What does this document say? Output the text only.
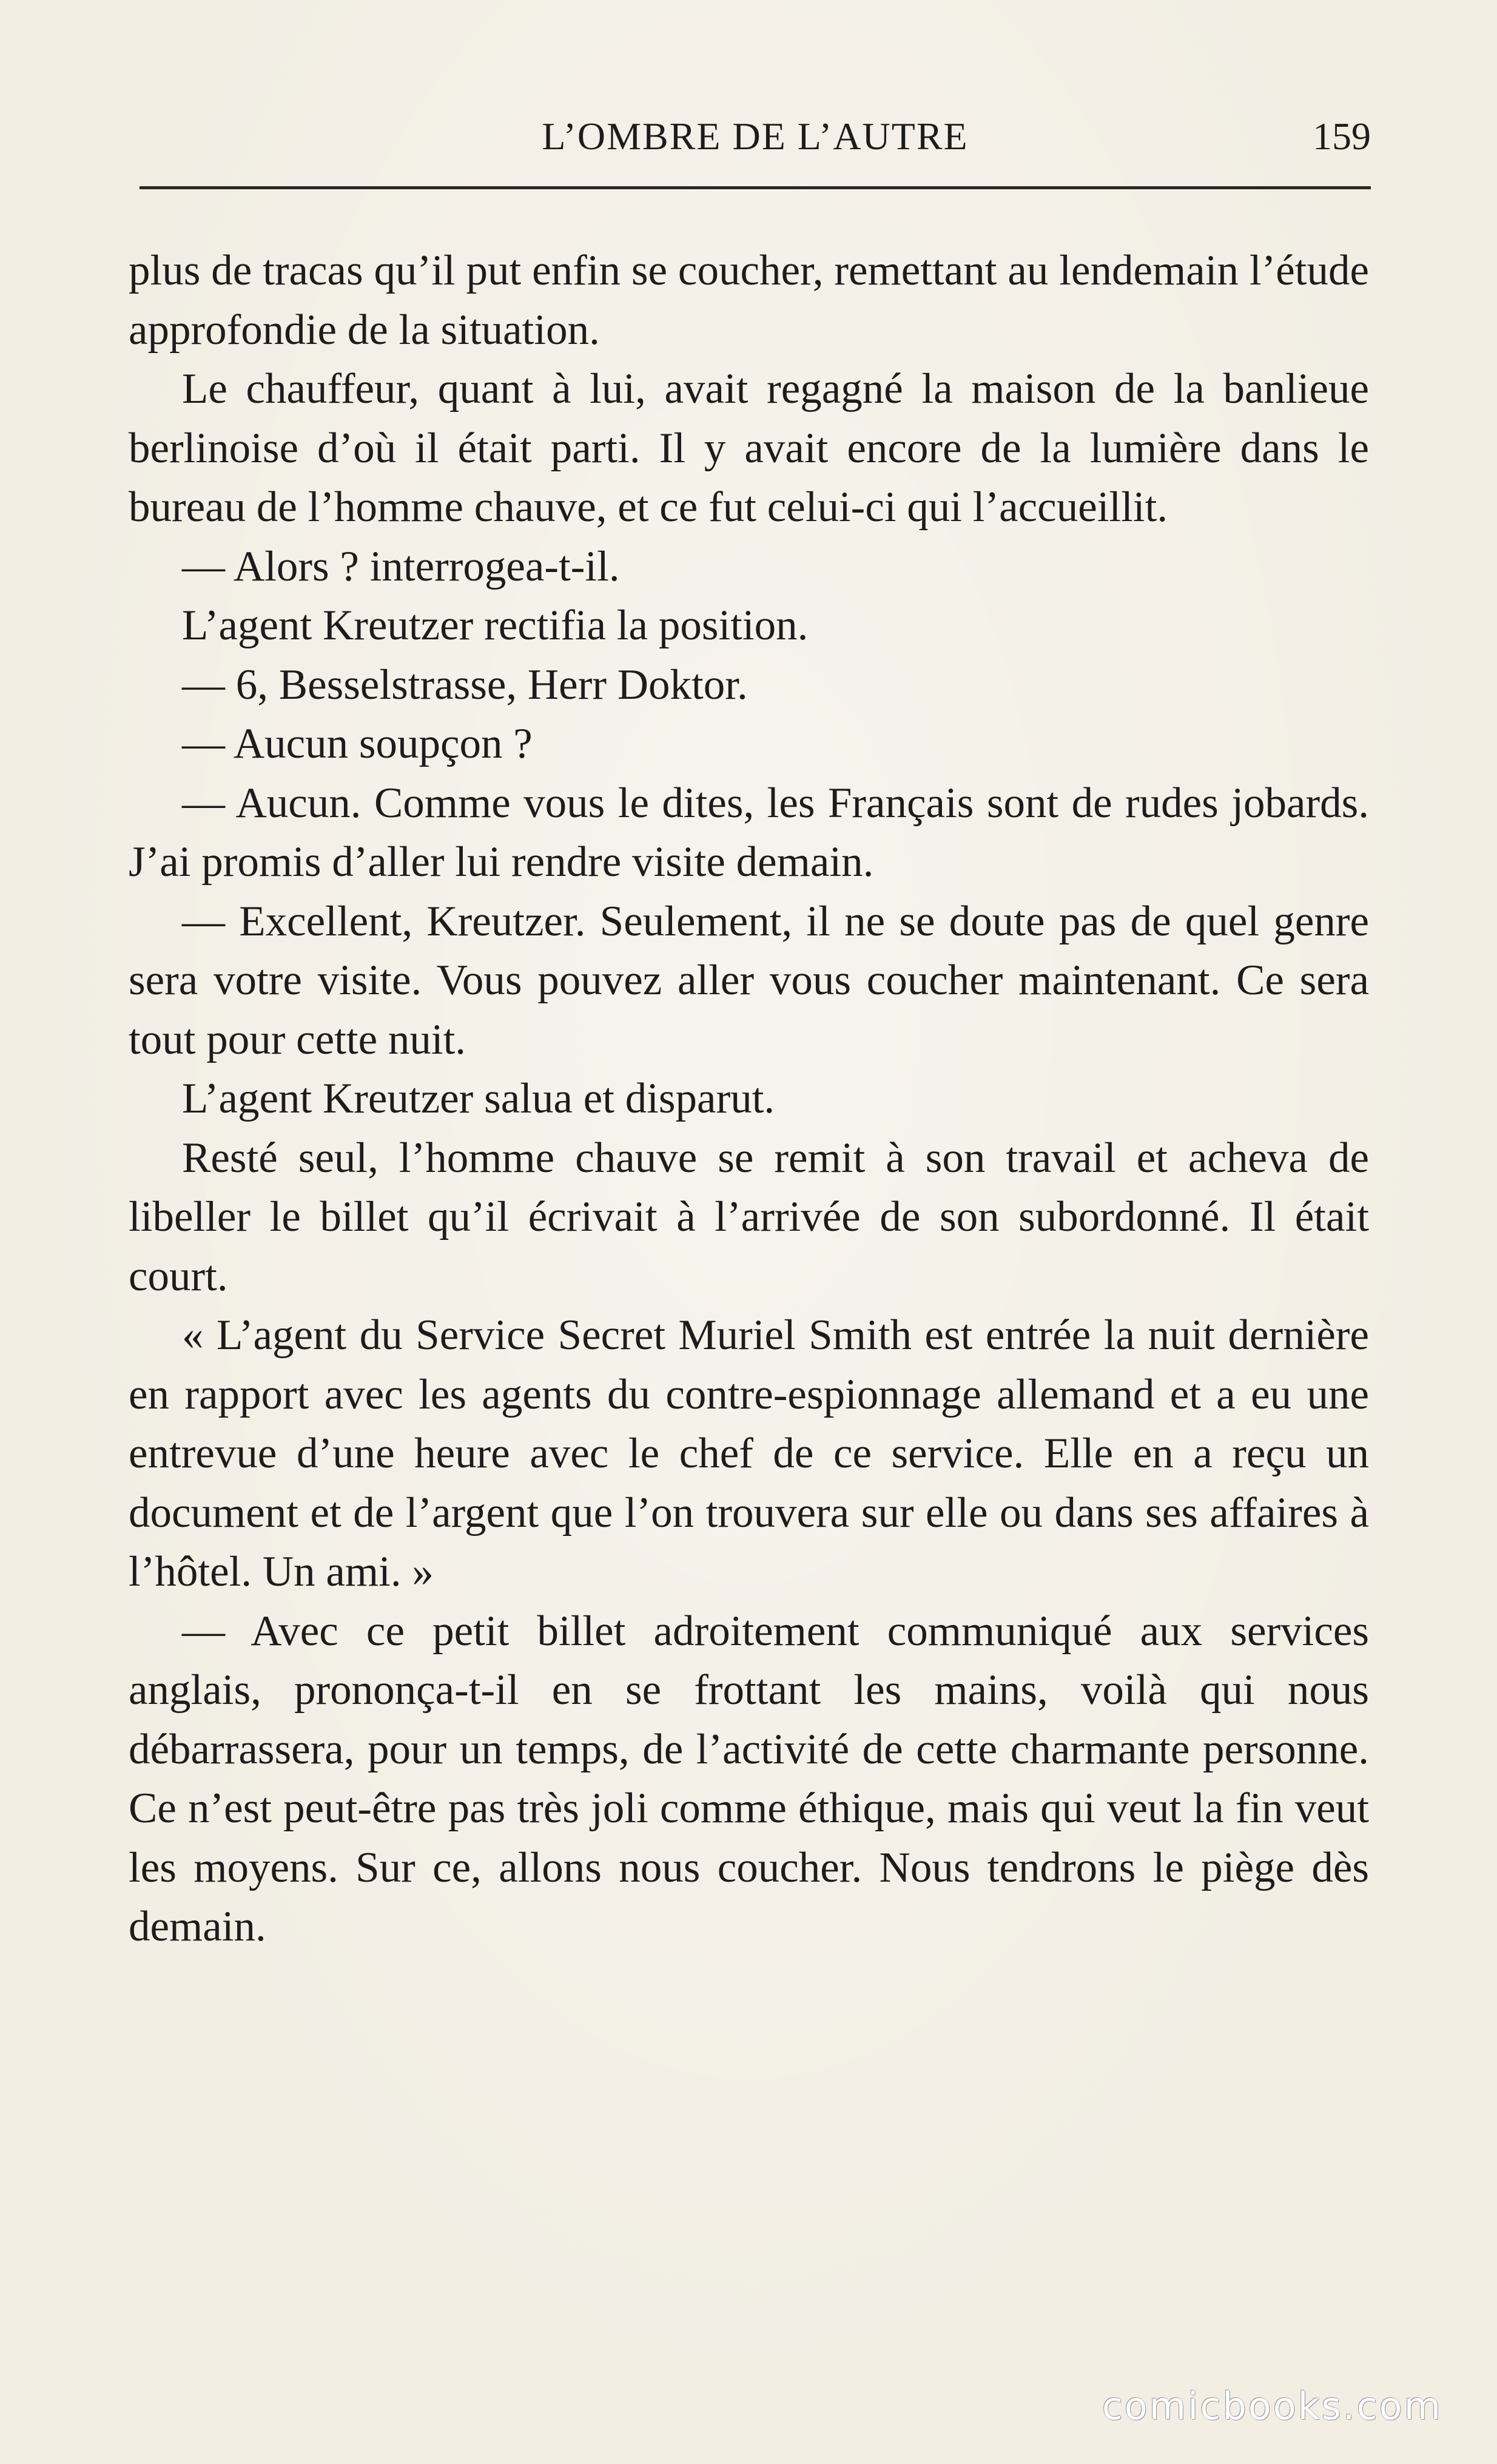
L’OMBRE DE L’AUTRE	159

plus de tracas qu’il put enfin se coucher, remettant au lendemain l’étude approfondie de la situation.

Le chauffeur, quant à lui, avait regagné la maison de la banlieue berlinoise d’où il était parti. Il y avait encore de la lumière dans le bureau de l’homme chauve, et ce fut celui-ci qui l’accueillit.

— Alors ? interrogea-t-il.

L’agent Kreutzer rectifia la position.

— 6, Besselstrasse, Herr Doktor.

— Aucun soupçon ?

— Aucun. Comme vous le dites, les Français sont de rudes jobards. J’ai promis d’aller lui rendre visite demain.

— Excellent, Kreutzer. Seulement, il ne se doute pas de quel genre sera votre visite. Vous pouvez aller vous coucher maintenant. Ce sera tout pour cette nuit.

L’agent Kreutzer salua et disparut.

Resté seul, l’homme chauve se remit à son travail et acheva de libeller le billet qu’il écrivait à l’arrivée de son subordonné. Il était court.

« L’agent du Service Secret Muriel Smith est entrée la nuit dernière en rapport avec les agents du contre-espionnage allemand et a eu une entrevue d’une heure avec le chef de ce service. Elle en a reçu un document et de l’argent que l’on trouvera sur elle ou dans ses affaires à l’hôtel. Un ami. »

— Avec ce petit billet adroitement communiqué aux services anglais, prononça-t-il en se frottant les mains, voilà qui nous débarrassera, pour un temps, de l’activité de cette charmante personne. Ce n’est peut-être pas très joli comme éthique, mais qui veut la fin veut les moyens. Sur ce, allons nous coucher. Nous tendrons le piège dès demain.

comicbooks.com
